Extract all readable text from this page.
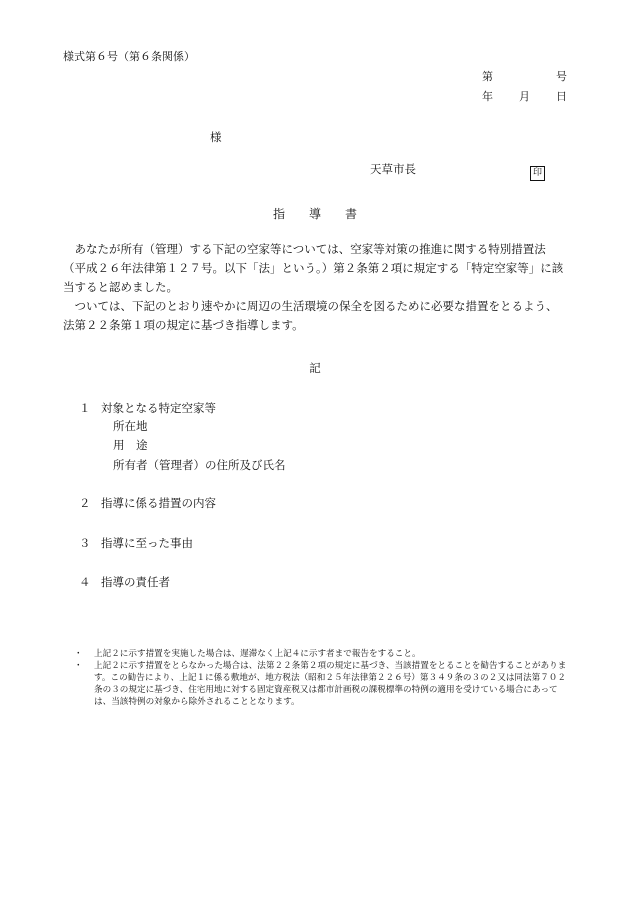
様式第６号（第６条関係）
第	号
年 月 日
様
天草市長	印
指　　導　　書

あなたが所有（管理）する下記の空家等については、空家等対策の推進に関する特別措置法（平成２６年法律第１２７号。以下「法」という。）第２条第２項に規定する「特定空家等」に該当すると認めました。

ついては、下記のとおり速やかに周辺の生活環境の保全を図るために必要な措置をとるよう、法第２２条第１項の規定に基づき指導します。

記
１ 対象となる特定空家等
所在地
用　途
所有者（管理者）の住所及び氏名
２ 指導に係る措置の内容
３ 指導に至った事由
４ 指導の責任者
・ 上記２に示す措置を実施した場合は、遅滞なく上記４に示す者まで報告をすること。
・ 上記２に示す措置をとらなかった場合は、法第２２条第２項の規定に基づき、当該措置をとることを勧告することがあります。この勧告により、上記１に係る敷地が、地方税法（昭和２５年法律第２２６号）第３４９条の３の２又は同法第７０２条の３の規定に基づき、住宅用地に対する固定資産税又は都市計画税の課税標準の特例の適用を受けている場合にあっては、当該特例の対象から除外されることとなります。
